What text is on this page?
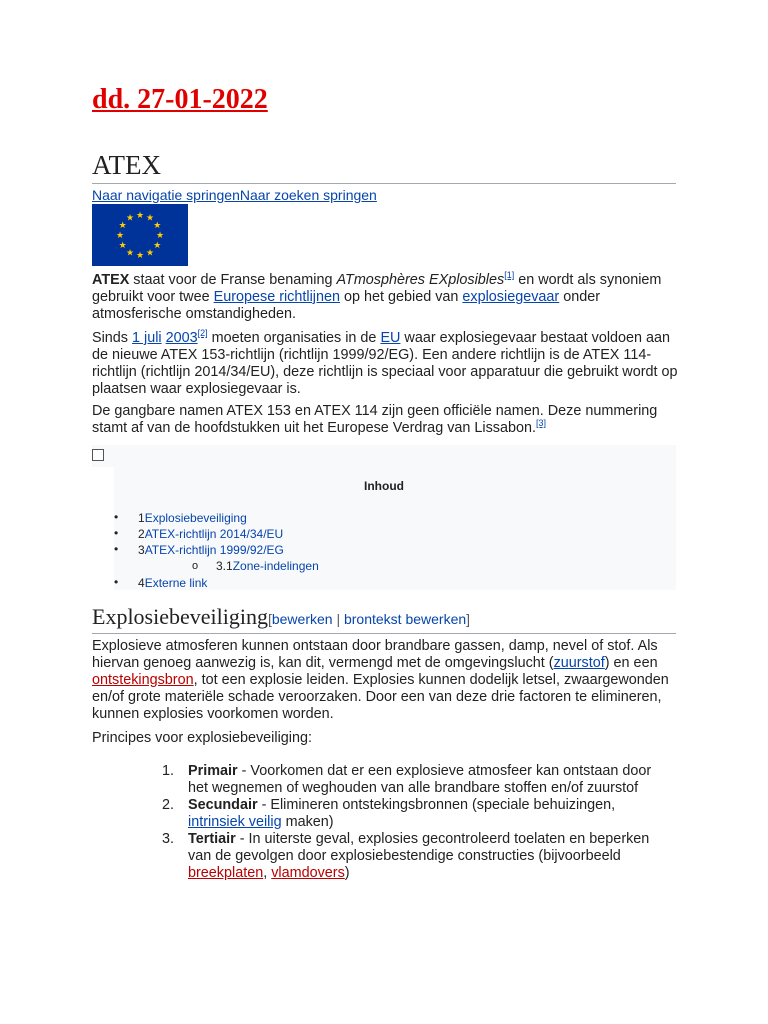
dd. 27-01-2022
ATEX
Naar navigatie springenNaar zoeken springen
★ ★
★
★
★
★
★
★
★
★
★
★
ATEX staat voor de Franse benaming ATmosphères EXplosibles[1] en wordt als synoniem gebruikt voor twee Europese richtlijnen op het gebied van explosiegevaar onder atmosferische omstandigheden.
Sinds 1 juli 2003[2] moeten organisaties in de EU waar explosiegevaar bestaat voldoen aan de nieuwe ATEX 153-richtlijn (richtlijn 1999/92/EG). Een andere richtlijn is de ATEX 114-richtlijn (richtlijn 2014/34/EU), deze richtlijn is speciaal voor apparatuur die gebruikt wordt op plaatsen waar explosiegevaar is.
De gangbare namen ATEX 153 en ATEX 114 zijn geen officiële namen. Deze nummering stamt af van de hoofdstukken uit het Europese Verdrag van Lissabon.[3]
Inhoud
• 1Explosiebeveiliging
• 2ATEX-richtlijn 2014/34/EU
• 3ATEX-richtlijn 1999/92/EG
o 3.1Zone-indelingen
• 4Externe link
Explosiebeveiliging[bewerken | brontekst bewerken]
Explosieve atmosferen kunnen ontstaan door brandbare gassen, damp, nevel of stof. Als hiervan genoeg aanwezig is, kan dit, vermengd met de omgevingslucht (zuurstof) en een ontstekingsbron, tot een explosie leiden. Explosies kunnen dodelijk letsel, zwaargewonden en/of grote materiële schade veroorzaken. Door een van deze drie factoren te elimineren, kunnen explosies voorkomen worden.
Principes voor explosiebeveiliging:
1. Primair - Voorkomen dat er een explosieve atmosfeer kan ontstaan door het wegnemen of weghouden van alle brandbare stoffen en/of zuurstof
2. Secundair - Elimineren ontstekingsbronnen (speciale behuizingen, intrinsiek veilig maken)
3. Tertiair - In uiterste geval, explosies gecontroleerd toelaten en beperken van de gevolgen door explosiebestendige constructies (bijvoorbeeld breekplaten, vlamdovers)
